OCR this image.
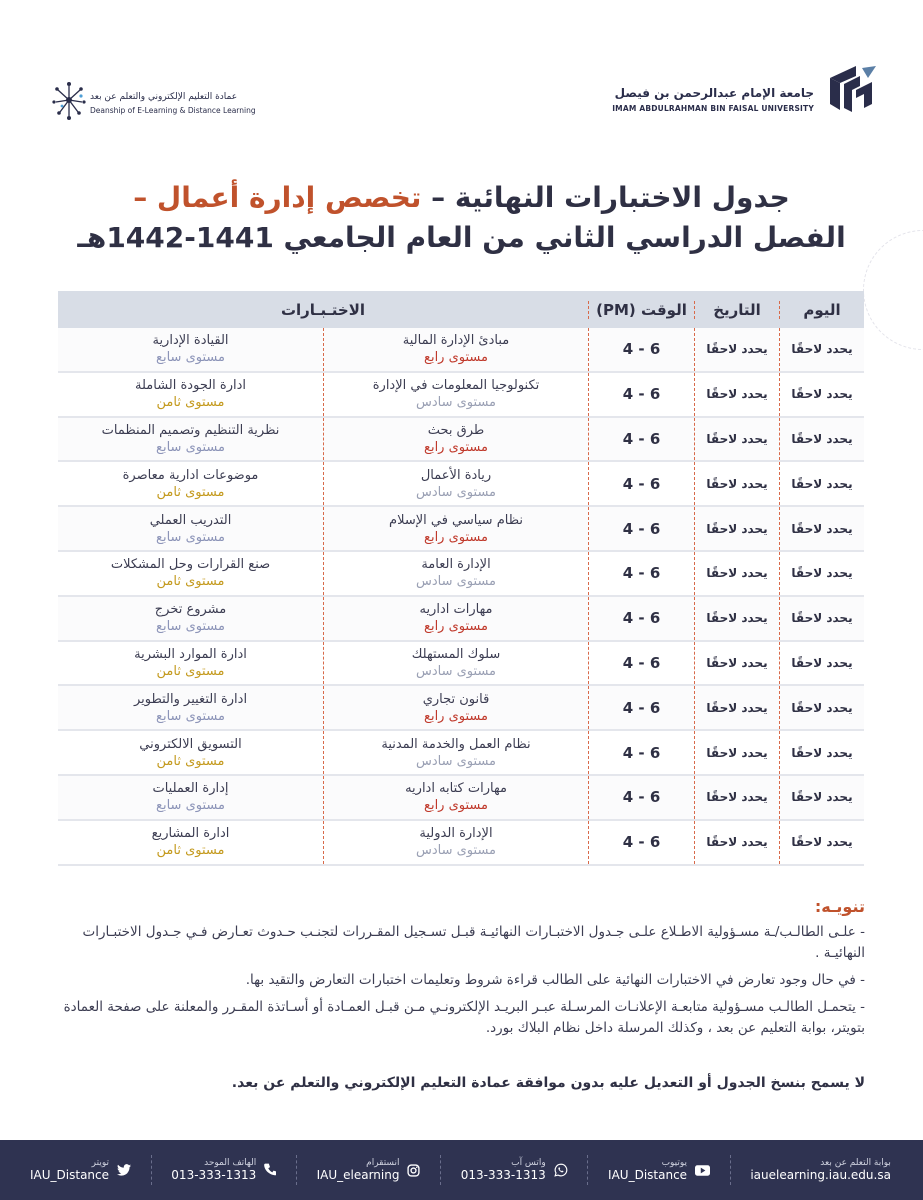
جامعة الإمام عبدالرحمن بن فيصل
IMAM ABDULRAHMAN BIN FAISAL UNIVERSITY
عمادة التعليم الإلكتروني والتعلم عن بعد
Deanship of E-Learning & Distance Learning
جدول الاختبارات النهائية – تخصص إدارة أعمال –
الفصل الدراسي الثاني من العام الجامعي 1441-1442هـ
اليوم
التاريخ
الوقت (PM)
الاختـبـارات
يحدد لاحقًا
يحدد لاحقًا
4 - 6
مبادئ الإدارة المالية
مستوى رابع
القيادة الإدارية
مستوى سابع
يحدد لاحقًا
يحدد لاحقًا
4 - 6
تكنولوجيا المعلومات في الإدارة
مستوى سادس
ادارة الجودة الشاملة
مستوى ثامن
يحدد لاحقًا
يحدد لاحقًا
4 - 6
طرق بحث
مستوى رابع
نظرية التنظيم وتصميم المنظمات
مستوى سابع
يحدد لاحقًا
يحدد لاحقًا
4 - 6
ريادة الأعمال
مستوى سادس
موضوعات ادارية معاصرة
مستوى ثامن
يحدد لاحقًا
يحدد لاحقًا
4 - 6
نظام سياسي في الإسلام
مستوى رابع
التدريب العملي
مستوى سابع
يحدد لاحقًا
يحدد لاحقًا
4 - 6
الإدارة العامة
مستوى سادس
صنع القرارات وحل المشكلات
مستوى ثامن
يحدد لاحقًا
يحدد لاحقًا
4 - 6
مهارات اداريه
مستوى رابع
مشروع تخرج
مستوى سابع
يحدد لاحقًا
يحدد لاحقًا
4 - 6
سلوك المستهلك
مستوى سادس
ادارة الموارد البشرية
مستوى ثامن
يحدد لاحقًا
يحدد لاحقًا
4 - 6
قانون تجاري
مستوى رابع
ادارة التغيير والتطوير
مستوى سابع
يحدد لاحقًا
يحدد لاحقًا
4 - 6
نظام العمل والخدمة المدنية
مستوى سادس
التسويق الالكتروني
مستوى ثامن
يحدد لاحقًا
يحدد لاحقًا
4 - 6
مهارات كتابه اداريه
مستوى رابع
إدارة العمليات
مستوى سابع
يحدد لاحقًا
يحدد لاحقًا
4 - 6
الإدارة الدولية
مستوى سادس
ادارة المشاريع
مستوى ثامن
تنويـه:

- علـى الطالـب/ـة مسـؤولية الاطـلاع علـى جـدول الاختبـارات النهائيـة قبـل تسـجيل المقـررات لتجنـب حـدوث تعـارض فـي جـدول الاختبـارات النهائيـة .

- في حال وجود تعارض في الاختبارات النهائية على الطالب قراءة شروط وتعليمات اختبارات التعارض والتقيد بها.

- يتحمـل الطالـب مسـؤولية متابعـة الإعلانـات المرسـلة عبـر البريـد الإلكترونـي مـن قبـل العمـادة أو أسـاتذة المقـرر والمعلنة على صفحة العمادة بتويتر، بوابة التعليم عن بعد ، وكذلك المرسلة داخل نظام البلاك بورد.

لا يسمح بنسخ الجدول أو التعديل عليه بدون موافقة عمادة التعليم الإلكتروني والتعلم عن بعد.
تويتر
IAU_Distance
الهاتف الموحد
013-333-1313
انستقرام
IAU_elearning
واتس آب
013-333-1313
يوتيوب
IAU_Distance
بوابة التعلم عن بعد
iauelearning.iau.edu.sa
